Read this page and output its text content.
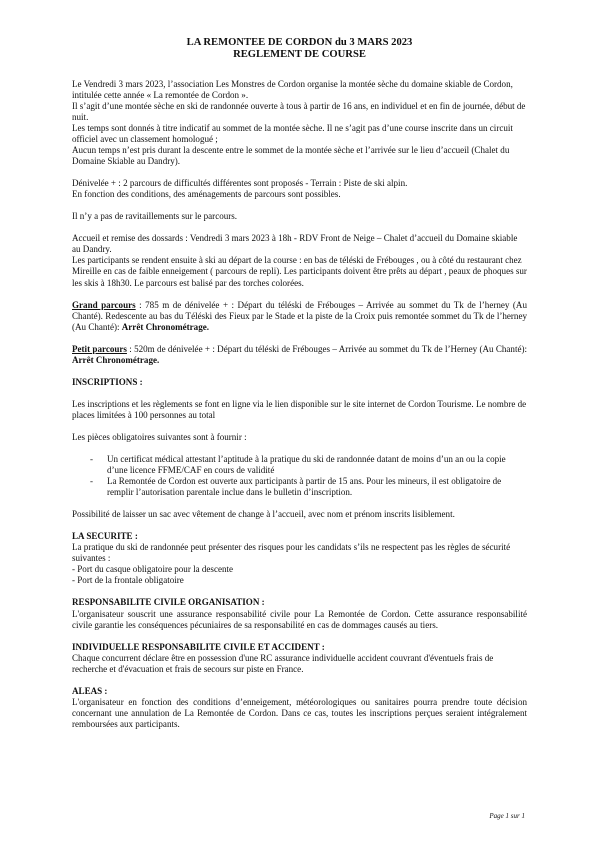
LA REMONTEE DE CORDON du 3 MARS 2023
REGLEMENT DE COURSE

Le Vendredi 3 mars 2023, l’association Les Monstres de Cordon organise la montée sèche du domaine skiable de Cordon, intitulée cette année « La remontée de Cordon ».

Il s’agit d’une montée sèche en ski de randonnée ouverte à tous à partir de 16 ans, en individuel et en fin de journée, début de nuit.

Les temps sont donnés à titre indicatif au sommet de la montée sèche. Il ne s’agit pas d’une course inscrite dans un circuit officiel avec un classement homologué ;

Aucun temps n’est pris durant la descente entre le sommet de la montée sèche et l’arrivée sur le lieu d’accueil (Chalet du Domaine Skiable au Dandry).

Dénivelée + : 2 parcours de difficultés différentes sont proposés - Terrain : Piste de ski alpin.

En fonction des conditions, des aménagements de parcours sont possibles.

Il n’y a pas de ravitaillements sur le parcours.

Accueil et remise des dossards : Vendredi 3 mars 2023 à 18h - RDV Front de Neige – Chalet d’accueil du Domaine skiable au Dandry.

Les participants se rendent ensuite à ski au départ de la course : en bas de téléski de Frébouges , ou à côté du restaurant chez Mireille en cas de faible enneigement ( parcours de repli). Les participants doivent être prêts au départ , peaux de phoques sur les skis à 18h30. Le parcours est balisé par des torches colorées.

Grand parcours : 785 m de dénivelée + : Départ du téléski de Frébouges – Arrivée au sommet du Tk de l’herney (Au Chanté). Redescente au bas du Téléski des Fieux par le Stade et la piste de la Croix puis remontée sommet du Tk de l’herney (Au Chanté): Arrêt Chronométrage.

Petit parcours : 520m de dénivelée + : Départ du téléski de Frébouges – Arrivée au sommet du Tk de l’Herney (Au Chanté): Arrêt Chronométrage.

INSCRIPTIONS :

Les inscriptions et les règlements se font en ligne via le lien disponible sur le site internet de Cordon Tourisme. Le nombre de places limitées à 100 personnes au total

Les pièces obligatoires suivantes sont à fournir :

- Un certificat médical attestant l’aptitude à la pratique du ski de randonnée datant de moins d’un an ou la copie d’une licence FFME/CAF en cours de validité
- La Remontée de Cordon est ouverte aux participants à partir de 15 ans. Pour les mineurs, il est obligatoire de remplir l’autorisation parentale inclue dans le bulletin d’inscription.

Possibilité de laisser un sac avec vêtement de change à l’accueil, avec nom et prénom inscrits lisiblement.

LA SECURITE :

La pratique du ski de randonnée peut présenter des risques pour les candidats s’ils ne respectent pas les règles de sécurité suivantes :

- Port du casque obligatoire pour la descente

- Port de la frontale obligatoire

RESPONSABILITE CIVILE ORGANISATION :

L'organisateur souscrit une assurance responsabilité civile pour La Remontée de Cordon. Cette assurance responsabilité civile garantie les conséquences pécuniaires de sa responsabilité en cas de dommages causés au tiers.

INDIVIDUELLE RESPONSABILITE CIVILE ET ACCIDENT :

Chaque concurrent déclare être en possession d'une RC assurance individuelle accident couvrant d'éventuels frais de recherche et d'évacuation et frais de secours sur piste en France.

ALEAS :

L'organisateur en fonction des conditions d’enneigement, météorologiques ou sanitaires pourra prendre toute décision concernant une annulation de La Remontée de Cordon. Dans ce cas, toutes les inscriptions perçues seraient intégralement remboursées aux participants.

Page 1 sur 1
